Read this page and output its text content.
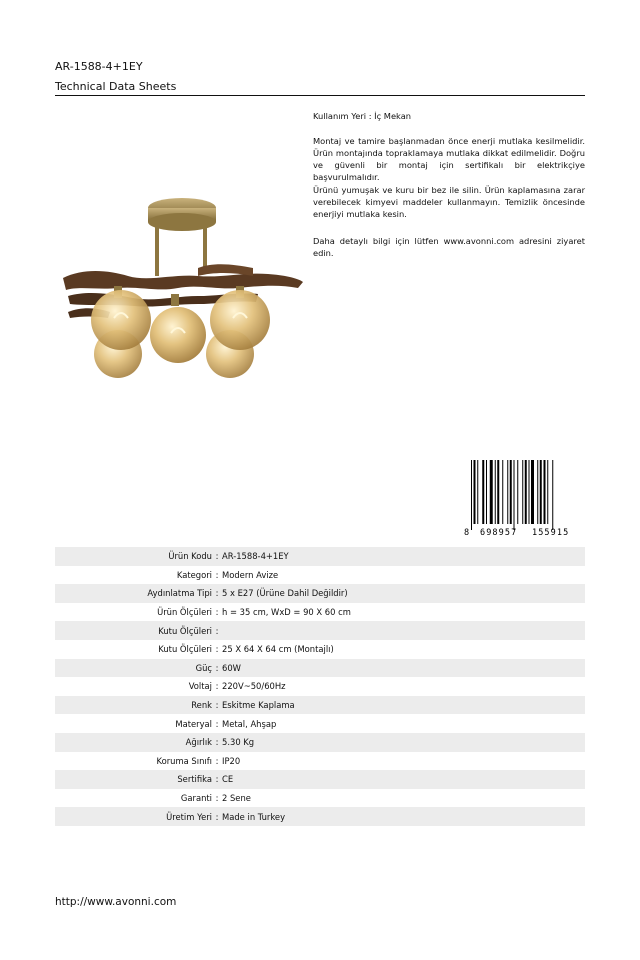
AR-1588-4+1EY
Technical Data Sheets
Kullanım Yeri : İç Mekan
Montaj ve tamire başlanmadan önce enerji mutlaka kesilmelidir. Ürün montajında topraklamaya mutlaka dikkat edilmelidir. Doğru ve güvenli bir montaj için sertifikalı bir elektrikçiye başvurulmalıdır.
Ürünü yumuşak ve kuru bir bez ile silin. Ürün kaplamasına zarar verebilecek kimyevi maddeler kullanmayın. Temizlik öncesinde enerjiyi mutlaka kesin.
Daha detaylı bilgi için lütfen www.avonni.com adresini ziyaret edin.
8 698957 155915
Ürün Kodu : AR-1588-4+1EY
Kategori : Modern Avize
Aydınlatma Tipi : 5 x E27 (Ürüne Dahil Değildir)
Ürün Ölçüleri : h = 35 cm, WxD = 90 X 60 cm
Kutu Ölçüleri :
Kutu Ölçüleri : 25 X 64 X 64 cm (Montajlı)
Güç : 60W
Voltaj : 220V~50/60Hz
Renk : Eskitme Kaplama
Materyal : Metal, Ahşap
Ağırlık : 5.30 Kg
Koruma Sınıfı : IP20
Sertifika : CE
Garanti : 2 Sene
Üretim Yeri : Made in Turkey
http://www.avonni.com
